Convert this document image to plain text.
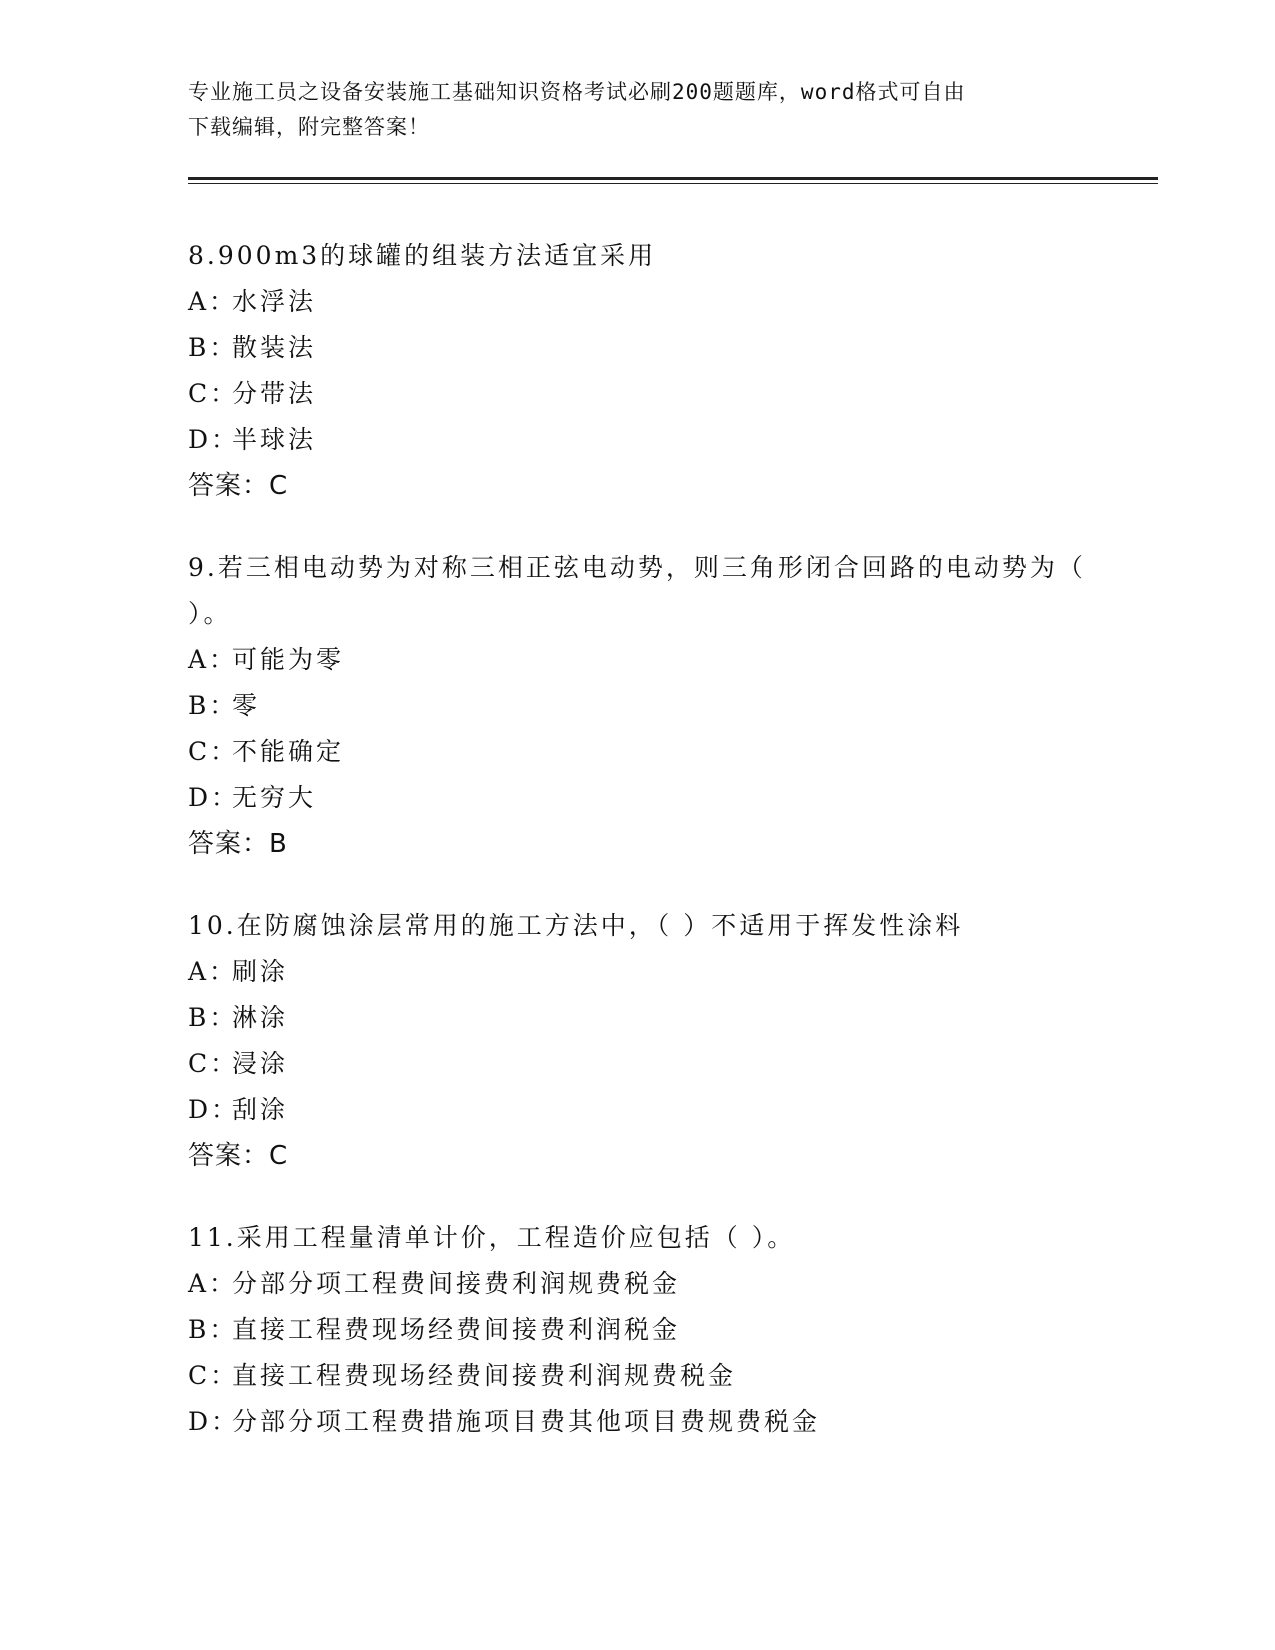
专业施工员之设备安装施工基础知识资格考试必刷200题题库，word格式可自由
下载编辑，附完整答案！
8.900m3的球罐的组装方法适宜采用
A：
水浮法
B：
散装法
C：
分带法
D：
半球法
答案：C
9.若三相电动势为对称三相正弦电动势，则三角形闭合回路的电动势为（ ）。
A：
可能为零
B：
零
C：
不能确定
D：
无穷大
答案：B
10.在防腐蚀涂层常用的施工方法中，（ ）不适用于挥发性涂料
A：
刷涂
B：
淋涂
C：
浸涂
D：
刮涂
答案：C
11.采用工程量清单计价，工程造价应包括（ ）。
A：
分部分项工程费间接费利润规费税金
B：
直接工程费现场经费间接费利润税金
C：
直接工程费现场经费间接费利润规费税金
D：
分部分项工程费措施项目费其他项目费规费税金
